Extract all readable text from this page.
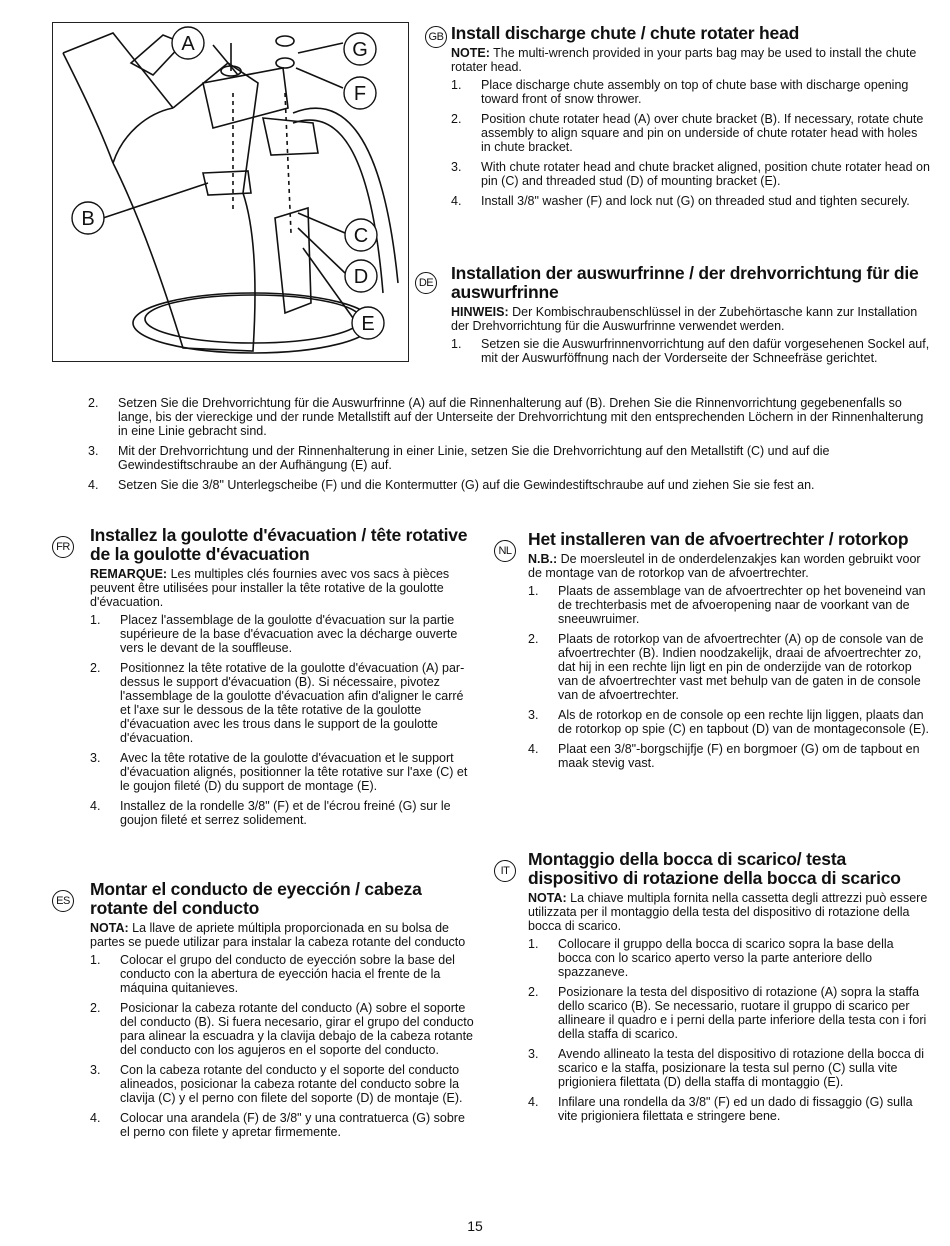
A
B
C
D
E
F
G
GB Install discharge chute / chute rotater head
NOTE: The multi-wrench provided in your parts bag may be used to install the chute rotater head.
1. Place discharge chute assembly on top of chute base with discharge opening toward front of snow thrower.
2. Position chute rotater head (A) over chute bracket (B). If necessary, rotate chute assembly to align square and pin on underside of chute rotater head with holes in chute bracket.
3. With chute rotater head and chute bracket aligned, position chute rotater head on pin (C) and threaded stud (D) of mounting bracket (E).
4. Install 3/8" washer (F) and lock nut (G) on threaded stud and tighten securely.
DE Installation der auswurfrinne / der drehvorrichtung für die auswurfrinne
HINWEIS: Der Kombischraubenschlüssel in der Zubehörtasche kann zur Installation der Drehvorrichtung für die Auswurfrinne verwendet werden.
1. Setzen sie die Auswurfrinnenvorrichtung auf den dafür vorgesehenen Sockel auf, mit der Auswurföffnung nach der Vorderseite der Schneefräse gerichtet.
2. Setzen Sie die Drehvorrichtung für die Auswurfrinne (A) auf die Rinnenhalterung auf (B). Drehen Sie die Rinnenvorrichtung gegebenenfalls so lange, bis der viereckige und der runde Metallstift auf der Unterseite der Drehvorrichtung mit den entsprechenden Löchern in der Rinnenhalterung in eine Linie gebracht sind.
3. Mit der Drehvorrichtung und der Rinnenhalterung in einer Linie, setzen Sie die Drehvorrichtung auf den Metallstift (C) und auf die Gewindestiftschraube an der Aufhängung (E) auf.
4. Setzen Sie die 3/8" Unterlegscheibe (F) und die Kontermutter (G) auf die Gewindestiftschraube auf und ziehen Sie sie fest an.
FR
Installez la goulotte d'évacuation / tête rotative de la goulotte d'évacuation
REMARQUE: Les multiples clés fournies avec vos sacs à pièces peuvent être utilisées pour installer la tête rotative de la goulotte d'évacuation.
1. Placez l'assemblage de la goulotte d'évacuation sur la partie supérieure de la base d'évacuation avec la décharge ouverte vers le devant de la souffleuse.
2. Positionnez la tête rotative de la goulotte d'évacuation (A) par-dessus le support d'évacuation (B). Si nécessaire, pivotez l'assemblage de la goulotte d'évacuation afin d'aligner le carré et l'axe sur le dessous de la tête rotative de la goulotte d'évacuation avec les trous dans le support de la goulotte d'évacuation.
3. Avec la tête rotative de la goulotte d'évacuation et le support d'évacuation alignés, positionner la tête rotative sur l'axe (C) et le goujon fileté (D) du support de montage (E).
4. Installez de la rondelle 3/8" (F) et de l'écrou freiné (G) sur le goujon fileté et serrez solidement.
ES
Montar el conducto de eyección / cabeza rotante del conducto
NOTA: La llave de apriete múltipla proporcionada en su bolsa de partes se puede utilizar para instalar la cabeza rotante del conducto
1. Colocar el grupo del conducto de eyección sobre la base del conducto con la abertura de eyección hacia el frente de la máquina quitanieves.
2. Posicionar la cabeza rotante del conducto (A) sobre el soporte del conducto (B). Si fuera necesario, girar el grupo del conducto para alinear la escuadra y la clavija debajo de la cabeza rotante del conducto con los agujeros en el soporte del conducto.
3. Con la cabeza rotante del conducto y el soporte del conducto alineados, posicionar la cabeza rotante del conducto sobre la clavija (C) y el perno con filete del soporte (D) de montaje (E).
4. Colocar una arandela (F) de 3/8" y una contratuerca (G) sobre el perno con filete y apretar firmemente.
NL
Het installeren van de afvoertrechter / rotorkop
N.B.: De moersleutel in de onderdelenzakjes kan worden gebruikt voor de montage van de rotorkop van de afvoertrechter.
1. Plaats de assemblage van de afvoertrechter op het boveneind van de trechterbasis met de afvoeropening naar de voorkant van de sneeuwruimer.
2. Plaats de rotorkop van de afvoertrechter (A) op de console van de afvoertrechter (B). Indien noodzakelijk, draai de afvoertrechter zo, dat hij in een rechte lijn ligt en pin de onderzijde van de rotorkop van de afvoertrechter vast met behulp van de gaten in de console van de afvoertrechter.
3. Als de rotorkop en de console op een rechte lijn liggen, plaats dan de rotorkop op spie (C) en tapbout (D) van de montageconsole (E).
4. Plaat een 3/8"-borgschijfje (F) en borgmoer (G) om de tapbout en maak stevig vast.
IT
Montaggio della bocca di scarico/ testa dispositivo di rotazione della bocca di scarico
NOTA: La chiave multipla fornita nella cassetta degli attrezzi può essere utilizzata per il montaggio della testa del dispositivo di rotazione della bocca di scarico.
1. Collocare il gruppo della bocca di scarico sopra la base della bocca con lo scarico aperto verso la parte anteriore dello spazzaneve.
2. Posizionare la testa del dispositivo di rotazione (A) sopra la staffa dello scarico (B). Se necessario, ruotare il gruppo di scarico per allineare il quadro e i perni della parte inferiore della testa con i fori della staffa di scarico.
3. Avendo allineato la testa del dispositivo di rotazione della bocca di scarico e la staffa, posizionare la testa sul perno (C) sulla vite prigioniera filettata (D) della staffa di montaggio (E).
4. Infilare una rondella da 3/8" (F) ed un dado di fissaggio (G) sulla vite prigioniera filettata e stringere bene.
15
